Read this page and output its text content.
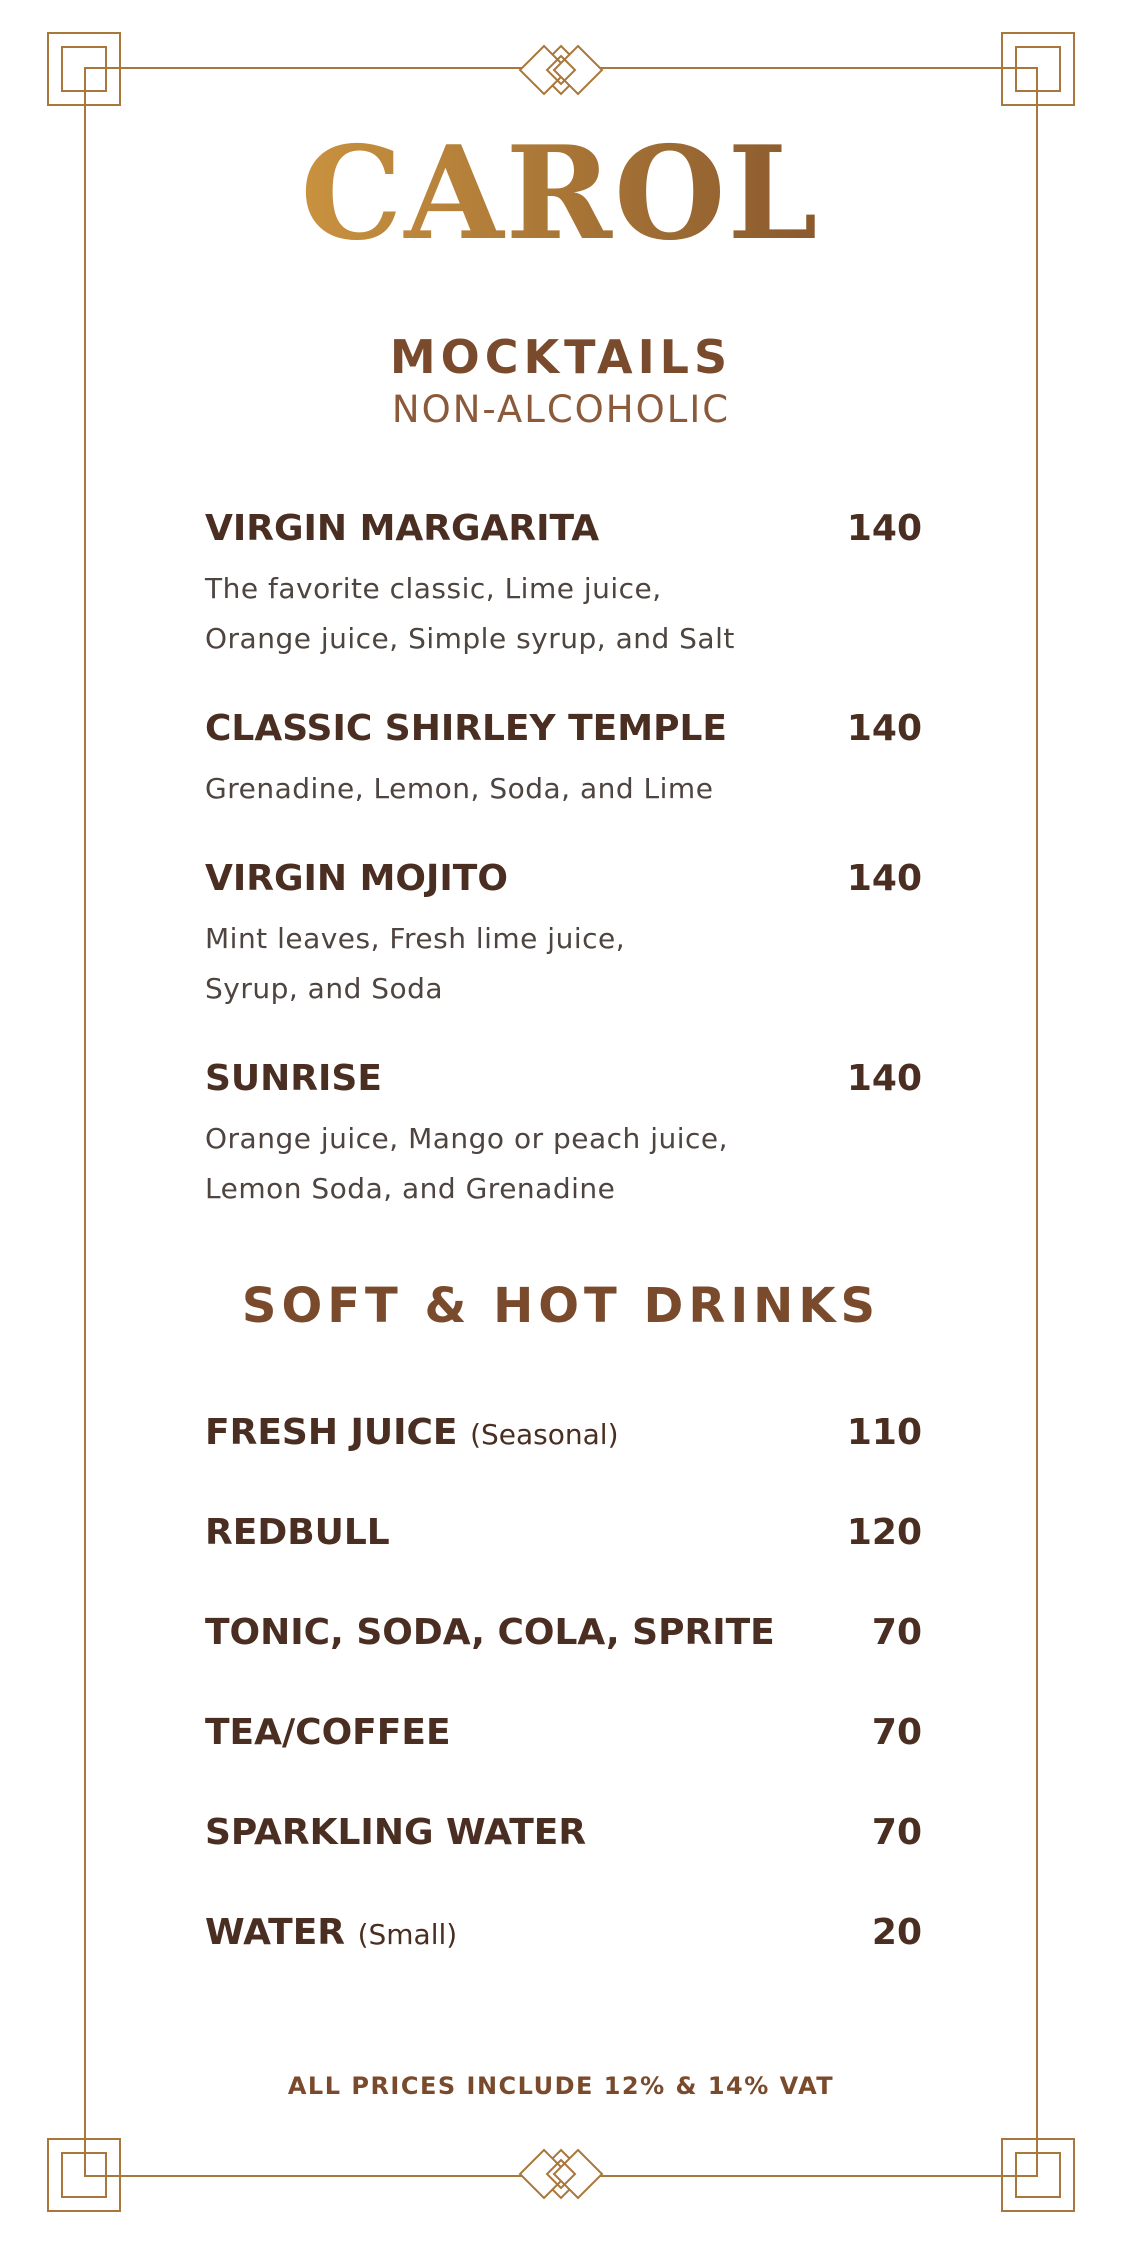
CAROL
MOCKTAILS
NON-ALCOHOLIC
VIRGIN MARGARITA	140
The favorite classic, Lime juice, Orange juice, Simple syrup, and Salt
CLASSIC SHIRLEY TEMPLE	140
Grenadine, Lemon, Soda, and Lime
VIRGIN MOJITO	140
Mint leaves, Fresh lime juice, Syrup, and Soda
SUNRISE	140
Orange juice, Mango or peach juice, Lemon Soda, and Grenadine
SOFT & HOT DRINKS
FRESH JUICE (Seasonal)	110
REDBULL	120
TONIC, SODA, COLA, SPRITE	70
TEA/COFFEE	70
SPARKLING WATER	70
WATER (Small)	20
ALL PRICES INCLUDE 12% & 14% VAT
